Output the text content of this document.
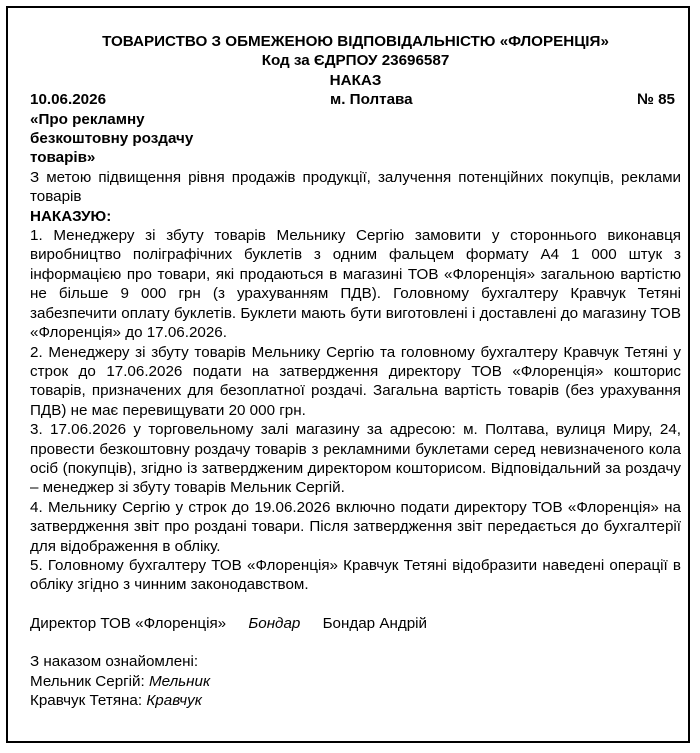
ТОВАРИСТВО З ОБМЕЖЕНОЮ ВІДПОВІДАЛЬНІСТЮ «ФЛОРЕНЦІЯ»
Код за ЄДРПОУ 23696587
НАКАЗ
10.06.2026	м. Полтава	№ 85
«Про рекламну безкоштовну роздачу товарів»

З метою підвищення рівня продажів продукції, залучення потенційних покупців, реклами товарів

НАКАЗУЮ:

1. Менеджеру зі збуту товарів Мельнику Сергію замовити у стороннього виконавця виробництво поліграфічних буклетів з одним фальцем формату А4 1 000 штук з інформацією про товари, які продаються в магазині ТОВ «Флоренція» загальною вартістю не більше 9 000 грн (з урахуванням ПДВ). Головному бухгалтеру Кравчук Тетяні забезпечити оплату буклетів. Буклети мають бути виготовлені і доставлені до магазину ТОВ «Флоренція» до 17.06.2026.

2. Менеджеру зі збуту товарів Мельнику Сергію та головному бухгалтеру Кравчук Тетяні у строк до 17.06.2026 подати на затвердження директору ТОВ «Флоренція» кошторис товарів, призначених для безоплатної роздачі. Загальна вартість товарів (без урахування ПДВ) не має перевищувати 20 000 грн.

3. 17.06.2026 у торговельному залі магазину за адресою: м. Полтава, вулиця Миру, 24, провести безкоштовну роздачу товарів з рекламними буклетами серед невизначеного кола осіб (покупців), згідно із затвердженим директором кошторисом. Відповідальний за роздачу – менеджер зі збуту товарів Мельник Сергій.

4. Мельнику Сергію у строк до 19.06.2026 включно подати директору ТОВ «Флоренція» на затвердження звіт про роздані товари. Після затвердження звіт передається до бухгалтерії для відображення в обліку.

5. Головному бухгалтеру ТОВ «Флоренція» Кравчук Тетяні відобразити наведені операції в обліку згідно з чинним законодавством.

Директор ТОВ «Флоренція» Бондар Бондар Андрій
З наказом ознайомлені:
Мельник Сергій: Мельник
Кравчук Тетяна: Кравчук
